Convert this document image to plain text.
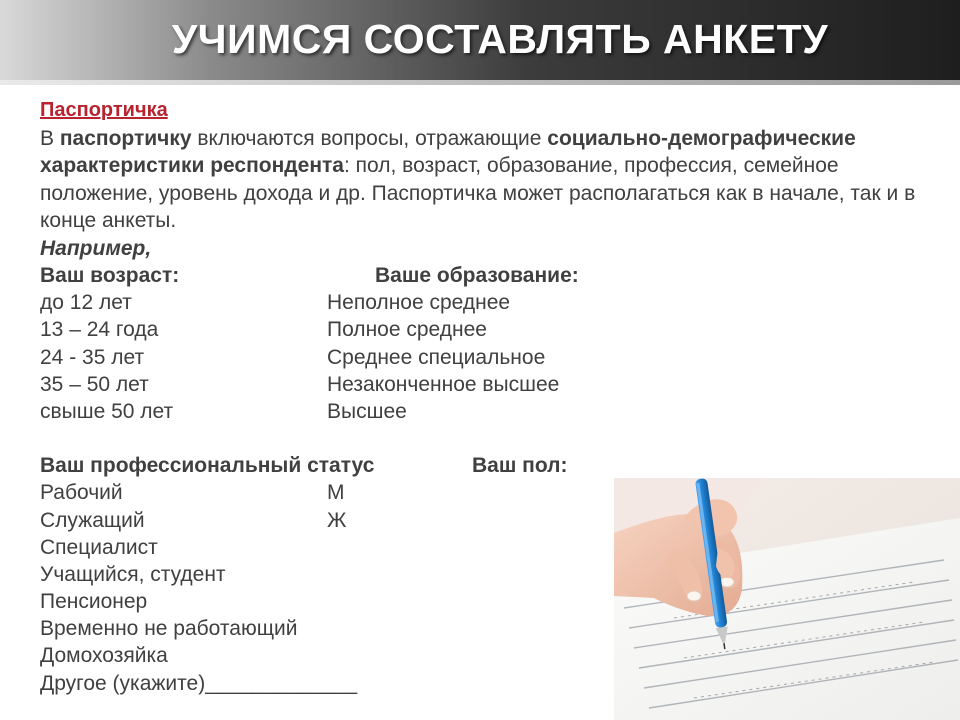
УЧИМСЯ СОСТАВЛЯТЬ АНКЕТУ
Паспортичка
В паспортичку включаются вопросы, отражающие социально-демографические характеристики респондента: пол, возраст, образование, профессия, семейное положение, уровень дохода и др. Паспортичка может располагаться как в начале, так и в конце анкеты.
Например,
Ваш возраст:	Ваше образование:
до 12 лет	Неполное среднее
13 – 24 года	Полное среднее
24 - 35 лет	Среднее специальное
35 – 50 лет	Незаконченное высшее
свыше 50 лет	Высшее
Ваш профессиональный статус	Ваш пол:
Рабочий	М
Служащий	Ж
Специалист
Учащийся, студент
Пенсионер
Временно не работающий
Домохозяйка
Другое (укажите)_____________
